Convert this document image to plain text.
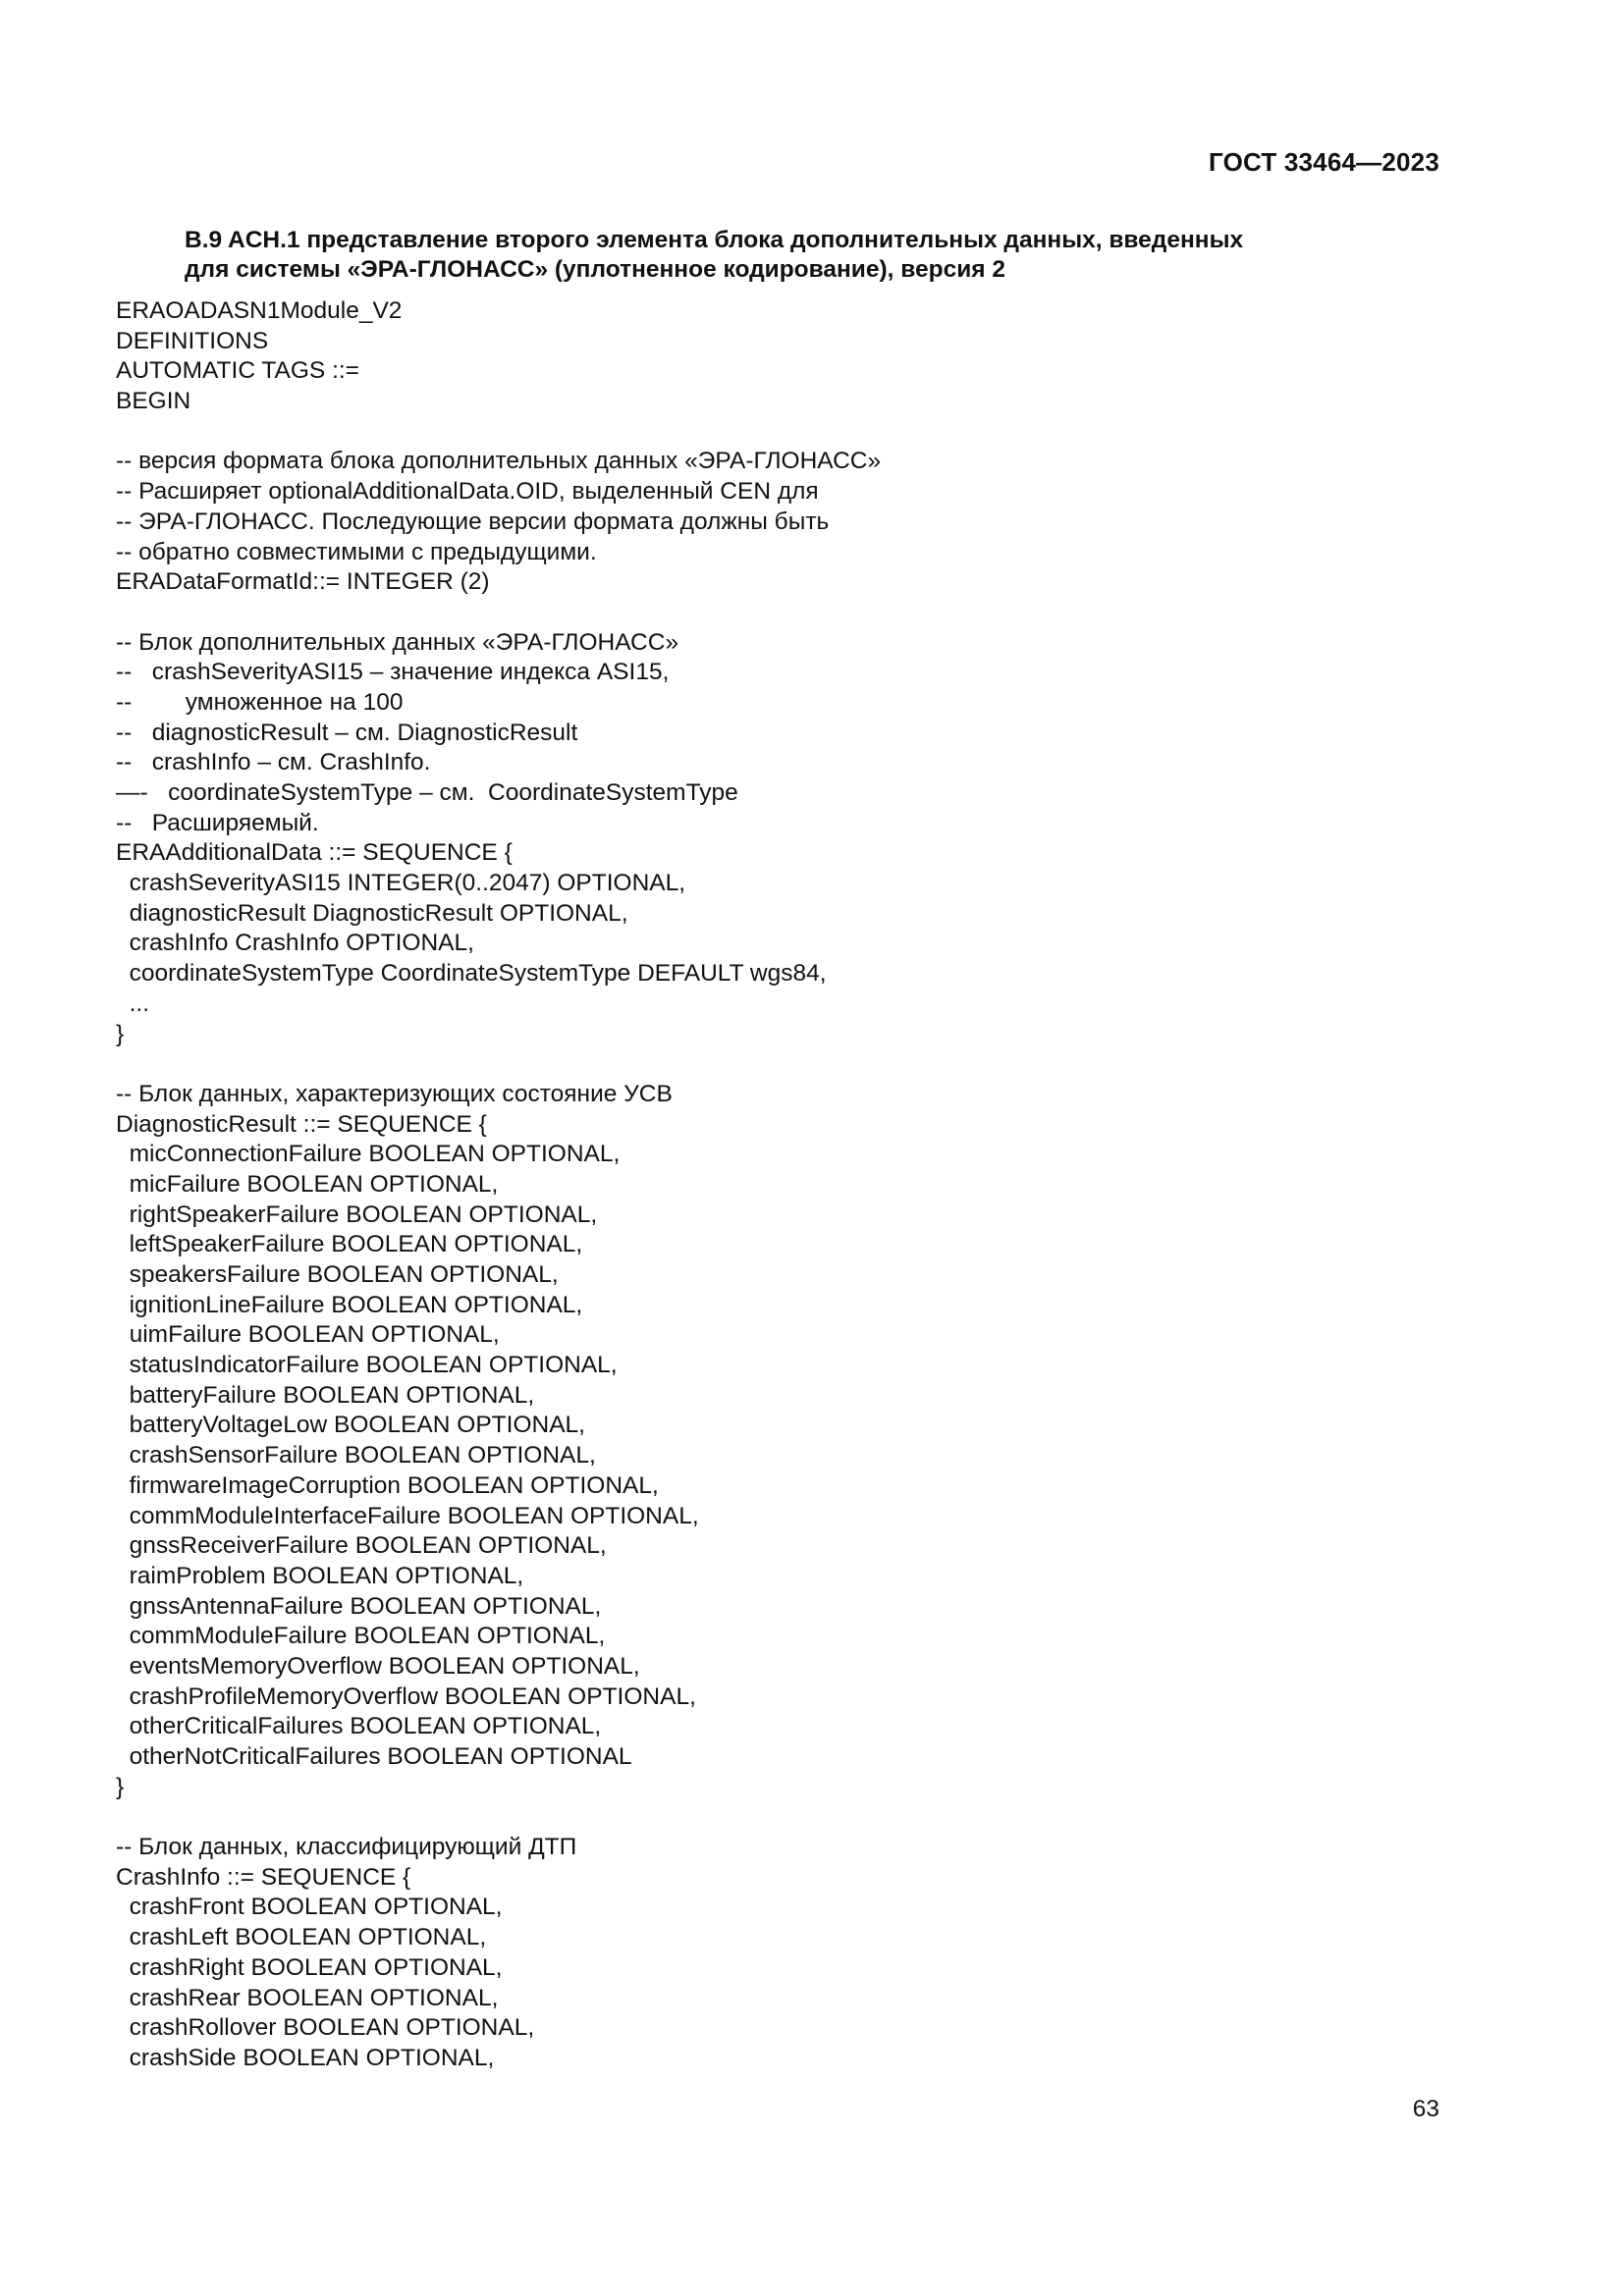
ГОСТ 33464—2023
B.9 ACH.1 представление второго элемента блока дополнительных данных, введенных
для системы «ЭРА-ГЛОНАСС» (уплотненное кодирование), версия 2
ERAOADASN1Module_V2
DEFINITIONS
AUTOMATIC TAGS ::=
BEGIN
-- версия формата блока дополнительных данных «ЭРА-ГЛОНАСС»
-- Расширяет optionalAdditionalData.OID, выделенный CEN для
-- ЭРА-ГЛОНАСС. Последующие версии формата должны быть
-- обратно совместимыми с предыдущими.
ERADataFormatId::= INTEGER (2)
-- Блок дополнительных данных «ЭРА-ГЛОНАСС»
--   crashSeverityASI15 – значение индекса ASI15,
--        умноженное на 100
--   diagnosticResult – см. DiagnosticResult
--   crashInfo – см. CrashInfo.
—-   coordinateSystemType – см.  CoordinateSystemType
--   Расширяемый.
ERAAdditionalData ::= SEQUENCE {
crashSeverityASI15 INTEGER(0..2047) OPTIONAL,
diagnosticResult DiagnosticResult OPTIONAL,
crashInfo CrashInfo OPTIONAL,
coordinateSystemType CoordinateSystemType DEFAULT wgs84,
...
}
-- Блок данных, характеризующих состояние УСВ
DiagnosticResult ::= SEQUENCE {
micConnectionFailure BOOLEAN OPTIONAL,
micFailure BOOLEAN OPTIONAL,
rightSpeakerFailure BOOLEAN OPTIONAL,
leftSpeakerFailure BOOLEAN OPTIONAL,
speakersFailure BOOLEAN OPTIONAL,
ignitionLineFailure BOOLEAN OPTIONAL,
uimFailure BOOLEAN OPTIONAL,
statusIndicatorFailure BOOLEAN OPTIONAL,
batteryFailure BOOLEAN OPTIONAL,
batteryVoltageLow BOOLEAN OPTIONAL,
crashSensorFailure BOOLEAN OPTIONAL,
firmwareImageCorruption BOOLEAN OPTIONAL,
commModuleInterfaceFailure BOOLEAN OPTIONAL,
gnssReceiverFailure BOOLEAN OPTIONAL,
raimProblem BOOLEAN OPTIONAL,
gnssAntennaFailure BOOLEAN OPTIONAL,
commModuleFailure BOOLEAN OPTIONAL,
eventsMemoryOverflow BOOLEAN OPTIONAL,
crashProfileMemoryOverflow BOOLEAN OPTIONAL,
otherCriticalFailures BOOLEAN OPTIONAL,
otherNotCriticalFailures BOOLEAN OPTIONAL
}
-- Блок данных, классифицирующий ДТП
CrashInfo ::= SEQUENCE {
crashFront BOOLEAN OPTIONAL,
crashLeft BOOLEAN OPTIONAL,
crashRight BOOLEAN OPTIONAL,
crashRear BOOLEAN OPTIONAL,
crashRollover BOOLEAN OPTIONAL,
crashSide BOOLEAN OPTIONAL,
63
